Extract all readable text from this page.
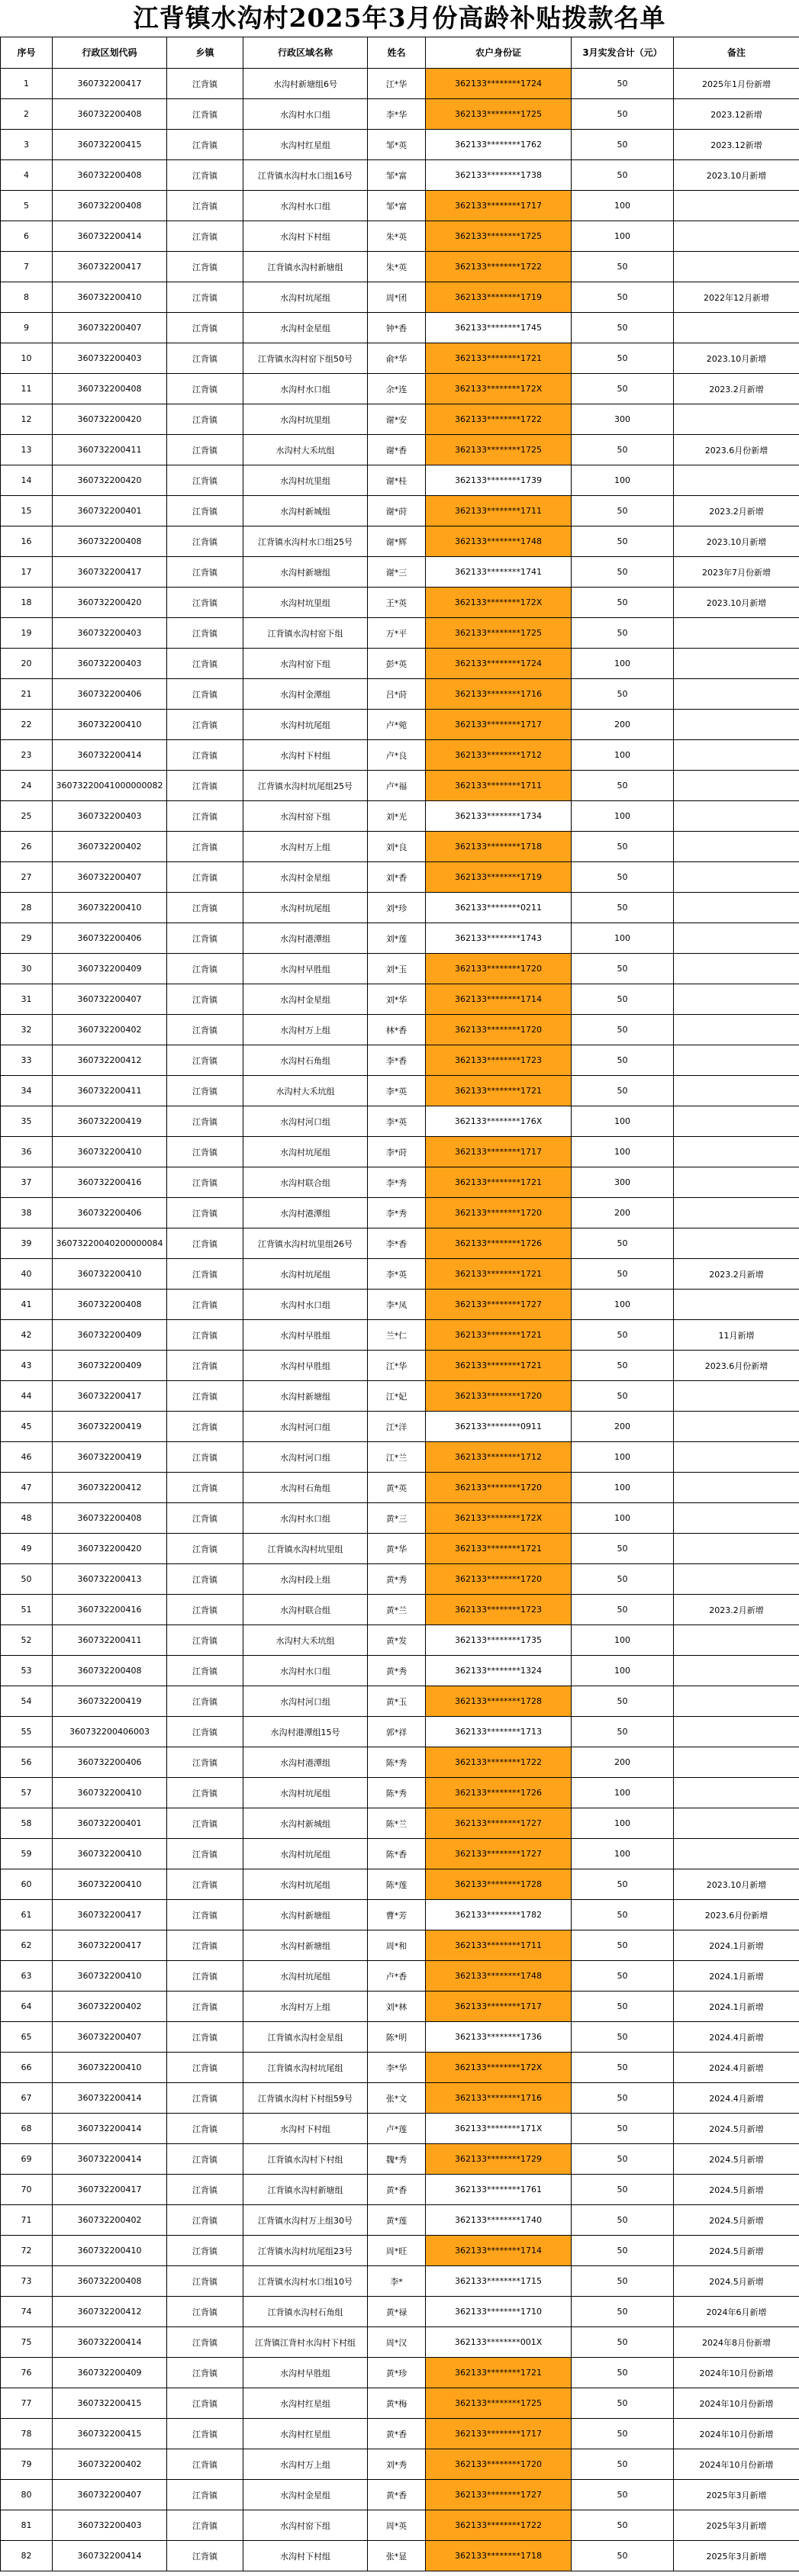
江背镇水沟村2025年3月份高龄补贴拨款名单
序号	行政区划代码	乡镇	行政区域名称	姓名	农户身份证	3月实发合计（元）	备注
1	360732200417	江背镇	水沟村新塘组6号	江*华	362133********1724	50	2025年1月份新增
2	360732200408	江背镇	水沟村水口组	李*华	362133********1725	50	2023.12新增
3	360732200415	江背镇	水沟村红星组	邹*英	362133********1762	50	2023.12新增
4	360732200408	江背镇	江背镇水沟村水口组16号	邹*富	362133********1738	50	2023.10月新增
5	360732200408	江背镇	水沟村水口组	邹*富	362133********1717	100	
6	360732200414	江背镇	水沟村下村组	朱*英	362133********1725	100	
7	360732200417	江背镇	江背镇水沟村新塘组	朱*英	362133********1722	50	
8	360732200410	江背镇	水沟村坑尾组	周*团	362133********1719	50	2022年12月新增
9	360732200407	江背镇	水沟村金星组	钟*香	362133********1745	50	
10	360732200403	江背镇	江背镇水沟村窑下组50号	俞*华	362133********1721	50	2023.10月新增
11	360732200408	江背镇	水沟村水口组	余*连	362133********172X	50	2023.2月新增
12	360732200420	江背镇	水沟村坑里组	谢*安	362133********1722	300	
13	360732200411	江背镇	水沟村大禾坑组	谢*香	362133********1725	50	2023.6月份新增
14	360732200420	江背镇	水沟村坑里组	谢*桂	362133********1739	100	
15	360732200401	江背镇	水沟村新城组	谢*莳	362133********1711	50	2023.2月新增
16	360732200408	江背镇	江背镇水沟村水口组25号	谢*辉	362133********1748	50	2023.10月新增
17	360732200417	江背镇	水沟村新塘组	谢*三	362133********1741	50	2023年7月份新增
18	360732200420	江背镇	水沟村坑里组	王*英	362133********172X	50	2023.10月新增
19	360732200403	江背镇	江背镇水沟村窑下组	万*平	362133********1725	50	
20	360732200403	江背镇	水沟村窑下组	彭*英	362133********1724	100	
21	360732200406	江背镇	水沟村金潭组	吕*莳	362133********1716	50	
22	360732200410	江背镇	水沟村坑尾组	卢*菀	362133********1717	200	
23	360732200414	江背镇	水沟村下村组	卢*良	362133********1712	100	
24	36073220041000000082	江背镇	江背镇水沟村坑尾组25号	卢*福	362133********1711	50	
25	360732200403	江背镇	水沟村窑下组	刘*光	362133********1734	100	
26	360732200402	江背镇	水沟村万上组	刘*良	362133********1718	50	
27	360732200407	江背镇	水沟村金星组	刘*香	362133********1719	50	
28	360732200410	江背镇	水沟村坑尾组	刘*珍	362133********0211	50	
29	360732200406	江背镇	水沟村港潭组	刘*莲	362133********1743	100	
30	360732200409	江背镇	水沟村早胜组	刘*玉	362133********1720	50	
31	360732200407	江背镇	水沟村金星组	刘*华	362133********1714	50	
32	360732200402	江背镇	水沟村万上组	林*香	362133********1720	50	
33	360732200412	江背镇	水沟村石角组	李*香	362133********1723	50	
34	360732200411	江背镇	水沟村大禾坑组	李*英	362133********1721	50	
35	360732200419	江背镇	水沟村河口组	李*英	362133********176X	100	
36	360732200410	江背镇	水沟村坑尾组	李*莳	362133********1717	100	
37	360732200416	江背镇	水沟村联合组	李*秀	362133********1721	300	
38	360732200406	江背镇	水沟村港潭组	李*秀	362133********1720	200	
39	36073220040200000084	江背镇	江背镇水沟村坑里组26号	李*香	362133********1726	50	
40	360732200410	江背镇	水沟村坑尾组	李*英	362133********1721	50	2023.2月新增
41	360732200408	江背镇	水沟村水口组	李*凤	362133********1727	100	
42	360732200409	江背镇	水沟村早胜组	兰*仁	362133********1721	50	11月新增
43	360732200409	江背镇	水沟村早胜组	江*华	362133********1721	50	2023.6月份新增
44	360732200417	江背镇	水沟村新塘组	江*妃	362133********1720	50	
45	360732200419	江背镇	水沟村河口组	江*洋	362133********0911	200	
46	360732200419	江背镇	水沟村河口组	江*兰	362133********1712	100	
47	360732200412	江背镇	水沟村石角组	黄*英	362133********1720	100	
48	360732200408	江背镇	水沟村水口组	黄*三	362133********172X	100	
49	360732200420	江背镇	江背镇水沟村坑里组	黄*华	362133********1721	50	
50	360732200413	江背镇	水沟村段上组	黄*秀	362133********1720	50	
51	360732200416	江背镇	水沟村联合组	黄*兰	362133********1723	50	2023.2月新增
52	360732200411	江背镇	水沟村大禾坑组	黄*发	362133********1735	100	
53	360732200408	江背镇	水沟村水口组	黄*秀	362133********1324	100	
54	360732200419	江背镇	水沟村河口组	黄*玉	362133********1728	50	
55	360732200406003	江背镇	水沟村港潭组15号	郭*祥	362133********1713	50	
56	360732200406	江背镇	水沟村港潭组	陈*秀	362133********1722	200	
57	360732200410	江背镇	水沟村坑尾组	陈*秀	362133********1726	100	
58	360732200401	江背镇	水沟村新城组	陈*兰	362133********1727	100	
59	360732200410	江背镇	水沟村坑尾组	陈*香	362133********1727	100	
60	360732200410	江背镇	水沟村坑尾组	陈*莲	362133********1728	50	2023.10月新增
61	360732200417	江背镇	水沟村新塘组	曹*芳	362133********1782	50	2023.6月份新增
62	360732200417	江背镇	水沟村新塘组	周*和	362133********1711	50	2024.1月新增
63	360732200410	江背镇	水沟村坑尾组	卢*香	362133********1748	50	2024.1月新增
64	360732200402	江背镇	水沟村万上组	刘*林	362133********1717	50	2024.1月新增
65	360732200407	江背镇	江背镇水沟村金星组	陈*明	362133********1736	50	2024.4月新增
66	360732200410	江背镇	江背镇水沟村坑尾组	李*华	362133********172X	50	2024.4月新增
67	360732200414	江背镇	江背镇水沟村下村组59号	张*文	362133********1716	50	2024.4月新增
68	360732200414	江背镇	水沟村下村组	卢*莲	362133********171X	50	2024.5月新增
69	360732200414	江背镇	江背镇水沟村下村组	魏*秀	362133********1729	50	2024.5月新增
70	360732200417	江背镇	江背镇水沟村新塘组	黄*香	362133********1761	50	2024.5月新增
71	360732200402	江背镇	江背镇水沟村万上组30号	黄*莲	362133********1740	50	2024.5月新增
72	360732200410	江背镇	江背镇水沟村坑尾组23号	周*旺	362133********1714	50	2024.5月新增
73	360732200408	江背镇	江背镇水沟村水口组10号	李*	362133********1715	50	2024.5月新增
74	360732200412	江背镇	江背镇水沟村石角组	黄*禄	362133********1710	50	2024年6月新增
75	360732200414	江背镇	江背镇江背村水沟村下村组	周*汉	362133********001X	50	2024年8月份新增
76	360732200409	江背镇	水沟村早胜组	黄*珍	362133********1721	50	2024年10月份新增
77	360732200415	江背镇	水沟村红星组	黄*梅	362133********1725	50	2024年10月份新增
78	360732200415	江背镇	水沟村红星组	黄*香	362133********1717	50	2024年10月份新增
79	360732200402	江背镇	水沟村万上组	刘*秀	362133********1720	50	2024年10月份新增
80	360732200407	江背镇	水沟村金星组	黄*香	362133********1727	50	2025年3月新增
81	360732200403	江背镇	水沟村窑下组	周*英	362133********1722	50	2025年3月新增
82	360732200414	江背镇	水沟村下村组	张*显	362133********1718	50	2025年3月新增
